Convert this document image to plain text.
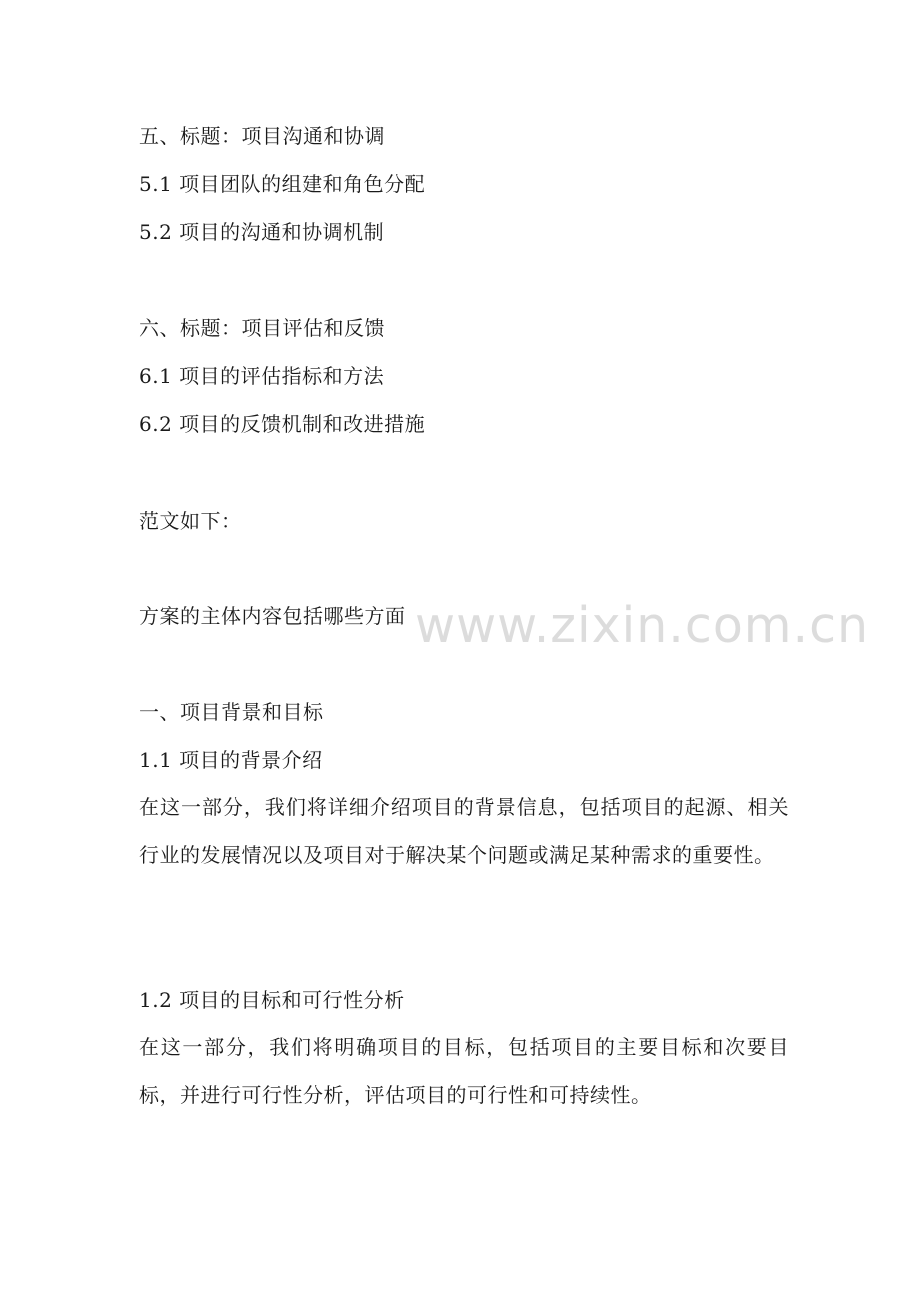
www.zixin.com.cn
五、标题：项目沟通和协调
5.1 项目团队的组建和角色分配
5.2 项目的沟通和协调机制
六、标题：项目评估和反馈
6.1 项目的评估指标和方法
6.2 项目的反馈机制和改进措施
范文如下：
方案的主体内容包括哪些方面
一、项目背景和目标
1.1 项目的背景介绍
在这一部分，我们将详细介绍项目的背景信息，包括项目的起源、相关行业的发展情况以及项目对于解决某个问题或满足某种需求的重要性。
1.2 项目的目标和可行性分析
在这一部分，我们将明确项目的目标，包括项目的主要目标和次要目标，并进行可行性分析，评估项目的可行性和可持续性。
